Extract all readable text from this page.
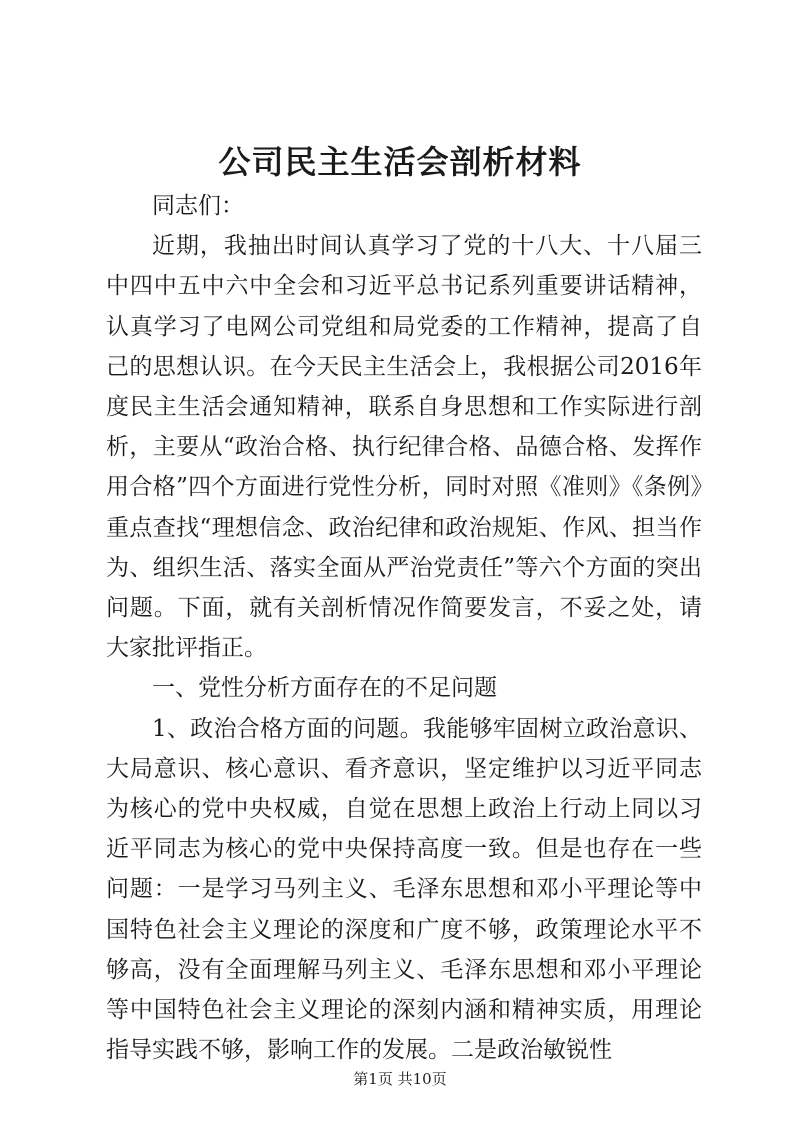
公司民主生活会剖析材料

同志们：

近期，我抽出时间认真学习了党的十八大、十八届三中四中五中六中全会和习近平总书记系列重要讲话精神，认真学习了电网公司党组和局党委的工作精神，提高了自己的思想认识。在今天民主生活会上，我根据公司2016年度民主生活会通知精神，联系自身思想和工作实际进行剖析，主要从“政治合格、执行纪律合格、品德合格、发挥作用合格”四个方面进行党性分析，同时对照《准则》《条例》重点查找“理想信念、政治纪律和政治规矩、作风、担当作为、组织生活、落实全面从严治党责任”等六个方面的突出问题。下面，就有关剖析情况作简要发言，不妥之处，请大家批评指正。

一、党性分析方面存在的不足问题

1、政治合格方面的问题。我能够牢固树立政治意识、大局意识、核心意识、看齐意识，坚定维护以习近平同志为核心的党中央权威，自觉在思想上政治上行动上同以习近平同志为核心的党中央保持高度一致。但是也存在一些问题：一是学习马列主义、毛泽东思想和邓小平理论等中国特色社会主义理论的深度和广度不够，政策理论水平不够高，没有全面理解马列主义、毛泽东思想和邓小平理论等中国特色社会主义理论的深刻内涵和精神实质，用理论指导实践不够，影响工作的发展。二是政治敏锐性

第1页 共10页
